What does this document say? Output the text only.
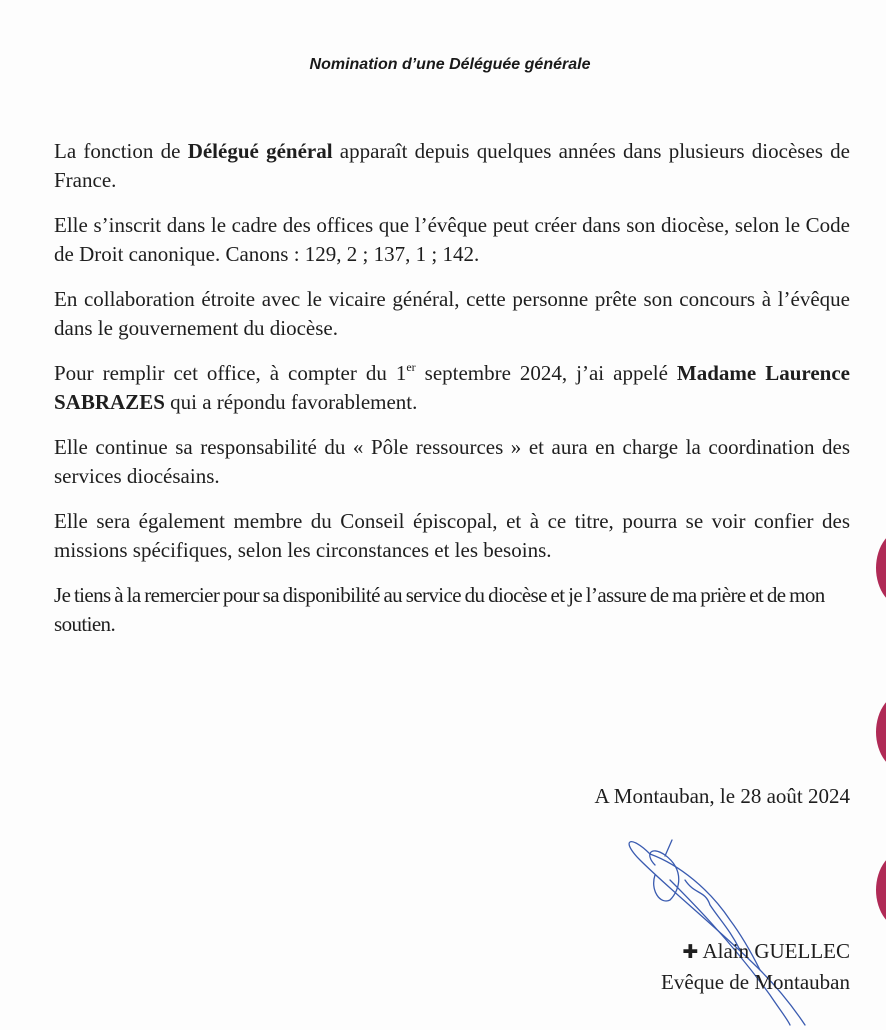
Nomination d’une Déléguée générale

La fonction de Délégué général apparaît depuis quelques années dans plusieurs diocèses de France.

Elle s’inscrit dans le cadre des offices que l’évêque peut créer dans son diocèse, selon le Code de Droit canonique. Canons : 129, 2 ; 137, 1 ; 142.

En collaboration étroite avec le vicaire général, cette personne prête son concours à l’évêque dans le gouvernement du diocèse.

Pour remplir cet office, à compter du 1er septembre 2024, j’ai appelé Madame Laurence SABRAZES qui a répondu favorablement.

Elle continue sa responsabilité du « Pôle ressources » et aura en charge la coordination des services diocésains.

Elle sera également membre du Conseil épiscopal, et à ce titre, pourra se voir confier des missions spécifiques, selon les circonstances et les besoins.

Je tiens à la remercier pour sa disponibilité au service du diocèse et je l’assure de ma prière et de mon soutien.

A Montauban, le 28 août 2024
✚ Alain GUELLEC
Evêque de Montauban
